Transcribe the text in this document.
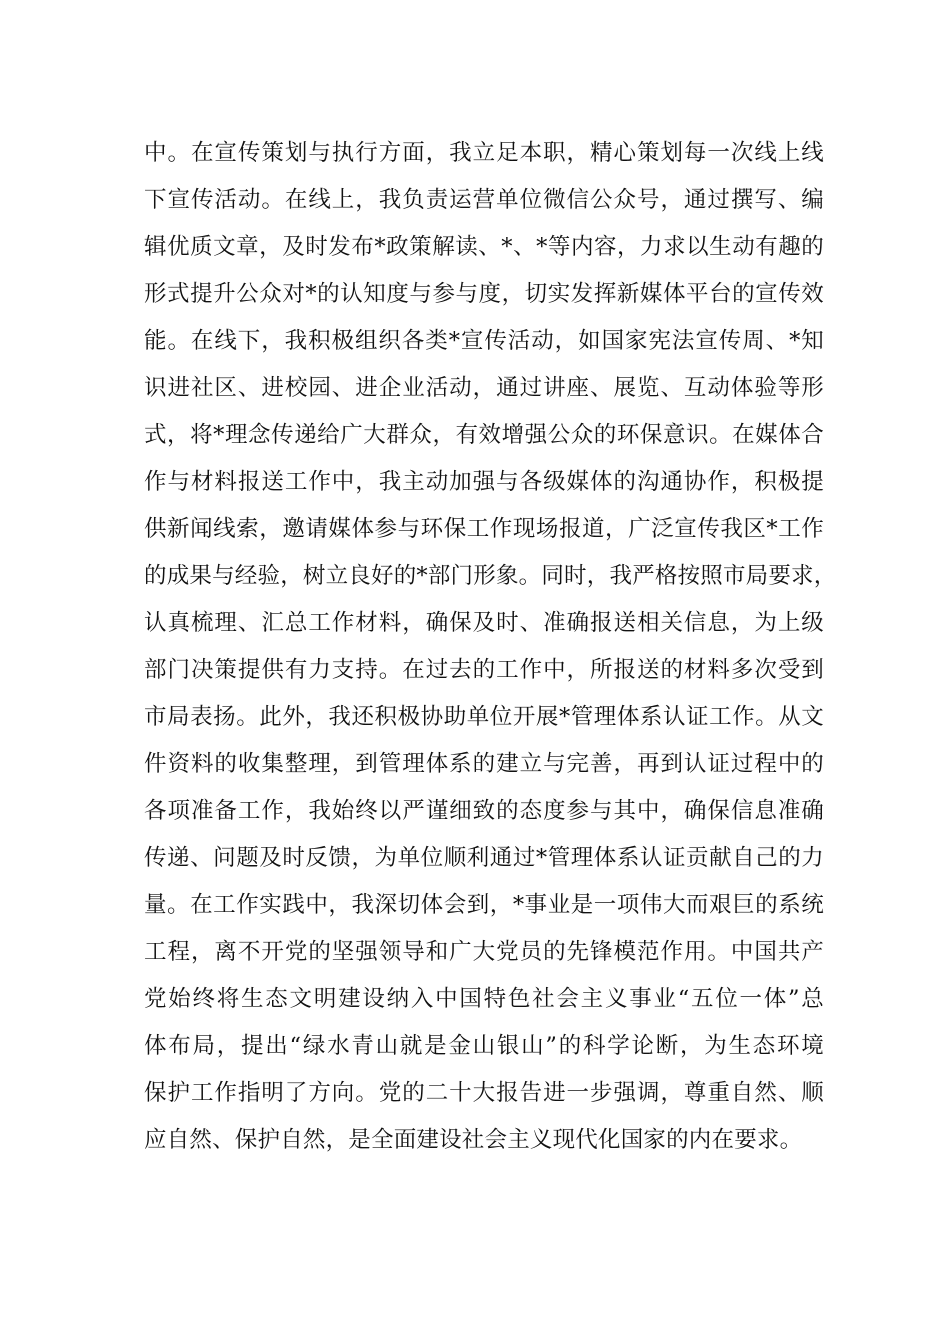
中。在宣传策划与执行方面，我立足本职，精心策划每一次线上线
下宣传活动。在线上，我负责运营单位微信公众号，通过撰写、编
辑优质文章，及时发布*政策解读、*、*等内容，力求以生动有趣的
形式提升公众对*的认知度与参与度，切实发挥新媒体平台的宣传效
能。在线下，我积极组织各类*宣传活动，如国家宪法宣传周、*知
识进社区、进校园、进企业活动，通过讲座、展览、互动体验等形
式，将*理念传递给广大群众，有效增强公众的环保意识。在媒体合
作与材料报送工作中，我主动加强与各级媒体的沟通协作，积极提
供新闻线索，邀请媒体参与环保工作现场报道，广泛宣传我区*工作
的成果与经验，树立良好的*部门形象。同时，我严格按照市局要求，
认真梳理、汇总工作材料，确保及时、准确报送相关信息，为上级
部门决策提供有力支持。在过去的工作中，所报送的材料多次受到
市局表扬。此外，我还积极协助单位开展*管理体系认证工作。从文
件资料的收集整理，到管理体系的建立与完善，再到认证过程中的
各项准备工作，我始终以严谨细致的态度参与其中，确保信息准确
传递、问题及时反馈，为单位顺利通过*管理体系认证贡献自己的力
量。在工作实践中，我深切体会到，*事业是一项伟大而艰巨的系统
工程，离不开党的坚强领导和广大党员的先锋模范作用。中国共产
党始终将生态文明建设纳入中国特色社会主义事业“五位一体”总
体布局，提出“绿水青山就是金山银山”的科学论断，为生态环境
保护工作指明了方向。党的二十大报告进一步强调，尊重自然、顺
应自然、保护自然，是全面建设社会主义现代化国家的内在要求。
